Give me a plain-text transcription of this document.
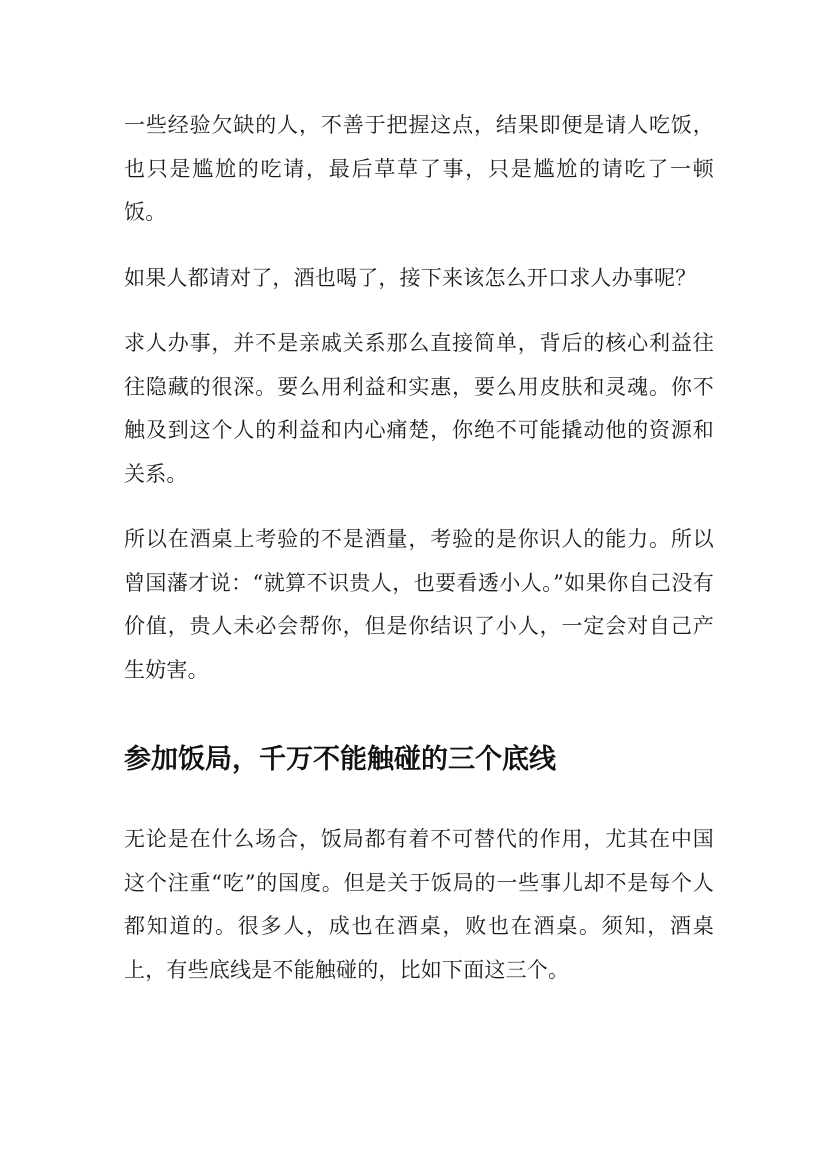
一些经验欠缺的人，不善于把握这点，结果即便是请人吃饭，也只是尴尬的吃请，最后草草了事，只是尴尬的请吃了一顿饭。

如果人都请对了，酒也喝了，接下来该怎么开口求人办事呢？

求人办事，并不是亲戚关系那么直接简单，背后的核心利益往往隐藏的很深。要么用利益和实惠，要么用皮肤和灵魂。你不触及到这个人的利益和内心痛楚，你绝不可能撬动他的资源和关系。

所以在酒桌上考验的不是酒量，考验的是你识人的能力。所以曾国藩才说：“就算不识贵人，也要看透小人。”如果你自己没有价值，贵人未必会帮你，但是你结识了小人，一定会对自己产生妨害。

参加饭局，千万不能触碰的三个底线

无论是在什么场合，饭局都有着不可替代的作用，尤其在中国这个注重“吃”的国度。但是关于饭局的一些事儿却不是每个人都知道的。很多人，成也在酒桌，败也在酒桌。须知，酒桌上，有些底线是不能触碰的，比如下面这三个。
